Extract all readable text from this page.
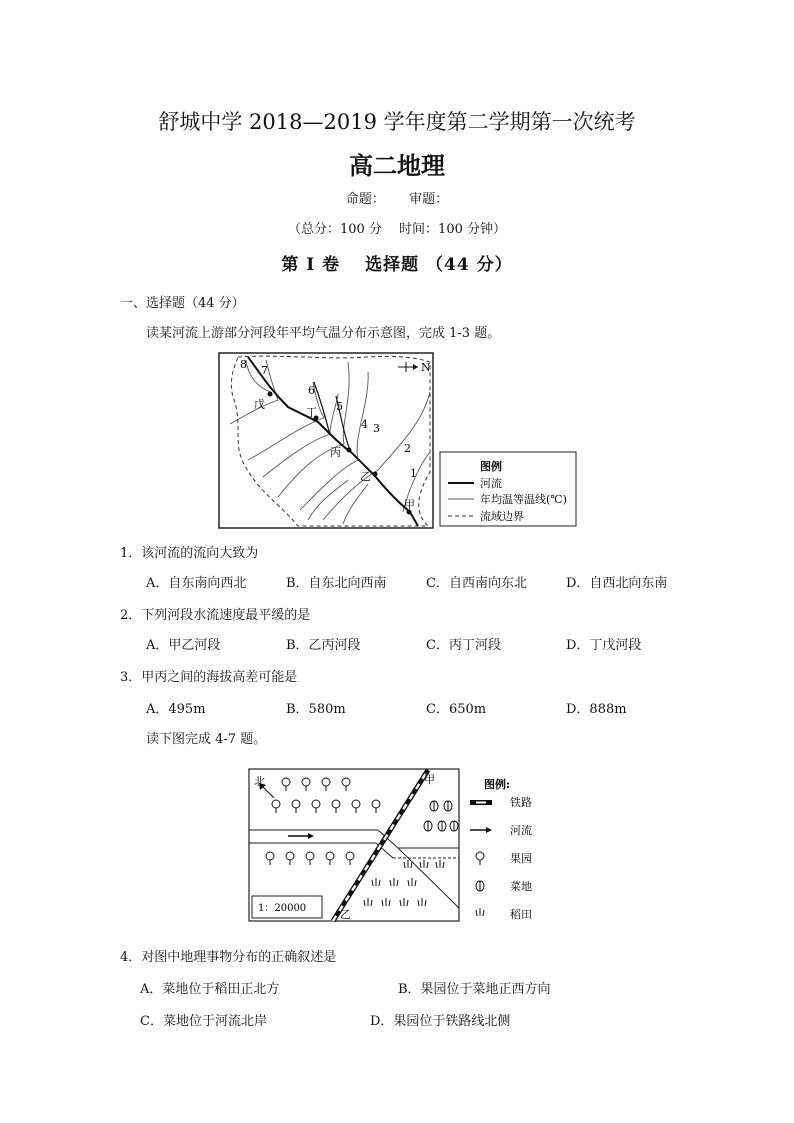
舒城中学 2018—2019 学年度第二学期第一次统考
高二地理
命题： 审题：
（总分：100 分　 时间：100 分钟）
第 I 卷　 选择题 （44 分）
一、选择题（44 分）
读某河流上游部分河段年平均气温分布示意图，完成 1-3 题。
N
8 7
6
5
4 3
2
1
戊
丁
丙
乙
甲
图例
河流
年均温等温线(℃)
流域边界
1．该河流的流向大致为
A．自东南向西北	B．自东北向西南	C．自西南向东北	D．自西北向东南
2．下列河段水流速度最平缓的是
A．甲乙河段	B．乙丙河段	C．丙丁河段	D．丁戊河段
3．甲丙之间的海拔高差可能是
A．495m	B．580m	C．650m	D．888m
读下图完成 4-7 题。
北	甲
乙
1：20000
图例:
铁路
河流
果园
菜地
稻田
4．对图中地理事物分布的正确叙述是
A．菜地位于稻田正北方	B．果园位于菜地正西方向
C．菜地位于河流北岸	D．果园位于铁路线北侧
